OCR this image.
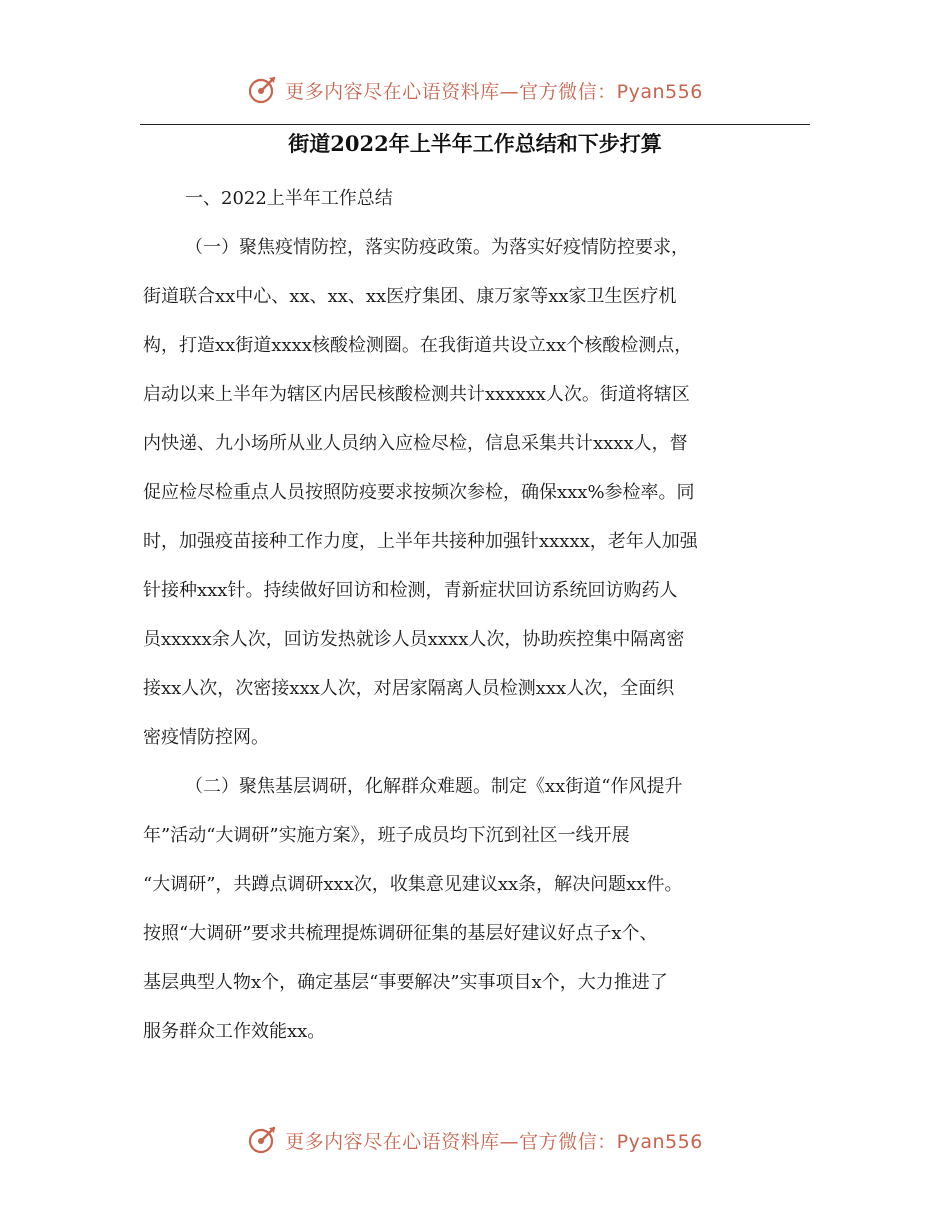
更多内容尽在心语资料库—官方微信：Pyan556
街道2022年上半年工作总结和下步打算

一、2022上半年工作总结

（一）聚焦疫情防控，落实防疫政策。为落实好疫情防控要求，

街道联合xx中心、xx、xx、xx医疗集团、康万家等xx家卫生医疗机

构，打造xx街道xxxx核酸检测圈。在我街道共设立xx个核酸检测点，

启动以来上半年为辖区内居民核酸检测共计xxxxxx人次。街道将辖区

内快递、九小场所从业人员纳入应检尽检，信息采集共计xxxx人，督

促应检尽检重点人员按照防疫要求按频次参检，确保xxx%参检率。同

时，加强疫苗接种工作力度，上半年共接种加强针xxxxx，老年人加强

针接种xxx针。持续做好回访和检测，青新症状回访系统回访购药人

员xxxxx余人次，回访发热就诊人员xxxx人次，协助疾控集中隔离密

接xx人次，次密接xxx人次，对居家隔离人员检测xxx人次，全面织

密疫情防控网。

（二）聚焦基层调研，化解群众难题。制定《xx街道“作风提升

年”活动“大调研”实施方案》，班子成员均下沉到社区一线开展

“大调研”，共蹲点调研xxx次，收集意见建议xx条，解决问题xx件。

按照“大调研”要求共梳理提炼调研征集的基层好建议好点子x个、

基层典型人物x个，确定基层“事要解决”实事项目x个，大力推进了

服务群众工作效能xx。

更多内容尽在心语资料库—官方微信：Pyan556
